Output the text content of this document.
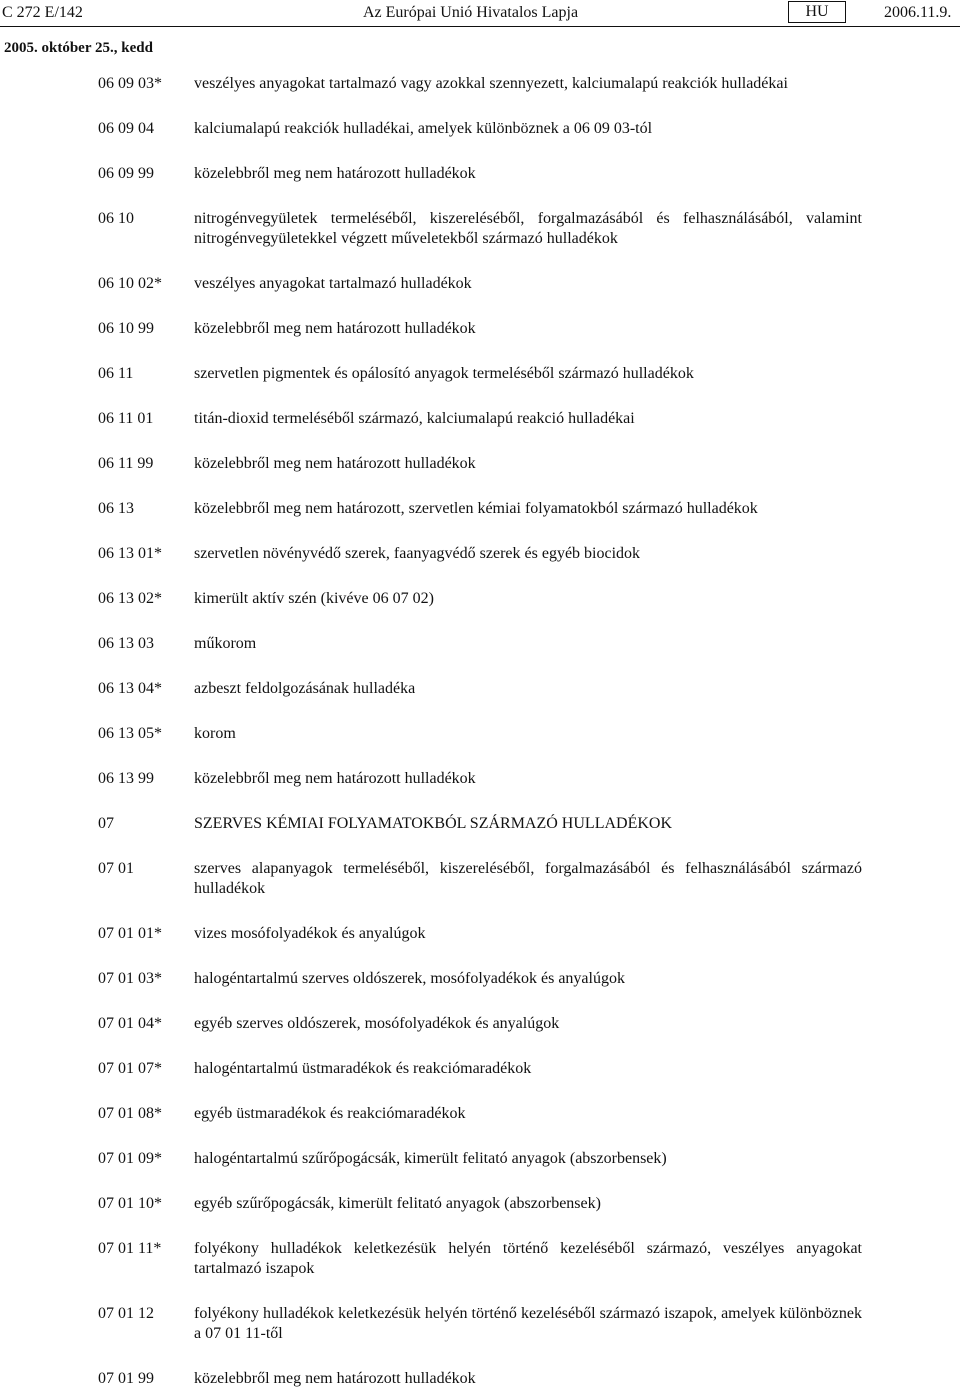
C 272 E/142	Az Európai Unió Hivatalos Lapja	HU	2006.11.9.
2005. október 25., kedd
06 09 03* veszélyes anyagokat tartalmazó vagy azokkal szennyezett, kalciumalapú reakciók hulladékai
06 09 04	kalciumalapú reakciók hulladékai, amelyek különböznek a 06 09 03-tól
06 09 99	közelebbről meg nem határozott hulladékok
06 10	nitrogénvegyületek termeléséből, kiszereléséből, forgalmazásából és felhasználásából, valamint nitrogénvegyületekkel végzett műveletekből származó hulladékok
06 10 02* veszélyes anyagokat tartalmazó hulladékok
06 10 99	közelebbről meg nem határozott hulladékok
06 11	szervetlen pigmentek és opálosító anyagok termeléséből származó hulladékok
06 11 01	titán-dioxid termeléséből származó, kalciumalapú reakció hulladékai
06 11 99	közelebbről meg nem határozott hulladékok
06 13	közelebbről meg nem határozott, szervetlen kémiai folyamatokból származó hulladékok
06 13 01* szervetlen növényvédő szerek, faanyagvédő szerek és egyéb biocidok
06 13 02* kimerült aktív szén (kivéve 06 07 02)
06 13 03	műkorom
06 13 04* azbeszt feldolgozásának hulladéka
06 13 05* korom
06 13 99	közelebbről meg nem határozott hulladékok
07	SZERVES KÉMIAI FOLYAMATOKBÓL SZÁRMAZÓ HULLADÉKOK
07 01	szerves alapanyagok termeléséből, kiszereléséből, forgalmazásából és felhasználásából származó hulladékok
07 01 01* vizes mosófolyadékok és anyalúgok
07 01 03* halogéntartalmú szerves oldószerek, mosófolyadékok és anyalúgok
07 01 04* egyéb szerves oldószerek, mosófolyadékok és anyalúgok
07 01 07* halogéntartalmú üstmaradékok és reakciómaradékok
07 01 08* egyéb üstmaradékok és reakciómaradékok
07 01 09* halogéntartalmú szűrőpogácsák, kimerült felitató anyagok (abszorbensek)
07 01 10* egyéb szűrőpogácsák, kimerült felitató anyagok (abszorbensek)
07 01 11* folyékony hulladékok keletkezésük helyén történő kezeléséből származó, veszélyes anyagokat tartalmazó iszapok
07 01 12	folyékony hulladékok keletkezésük helyén történő kezeléséből származó iszapok, amelyek különböznek a 07 01 11-től
07 01 99	közelebbről meg nem határozott hulladékok
